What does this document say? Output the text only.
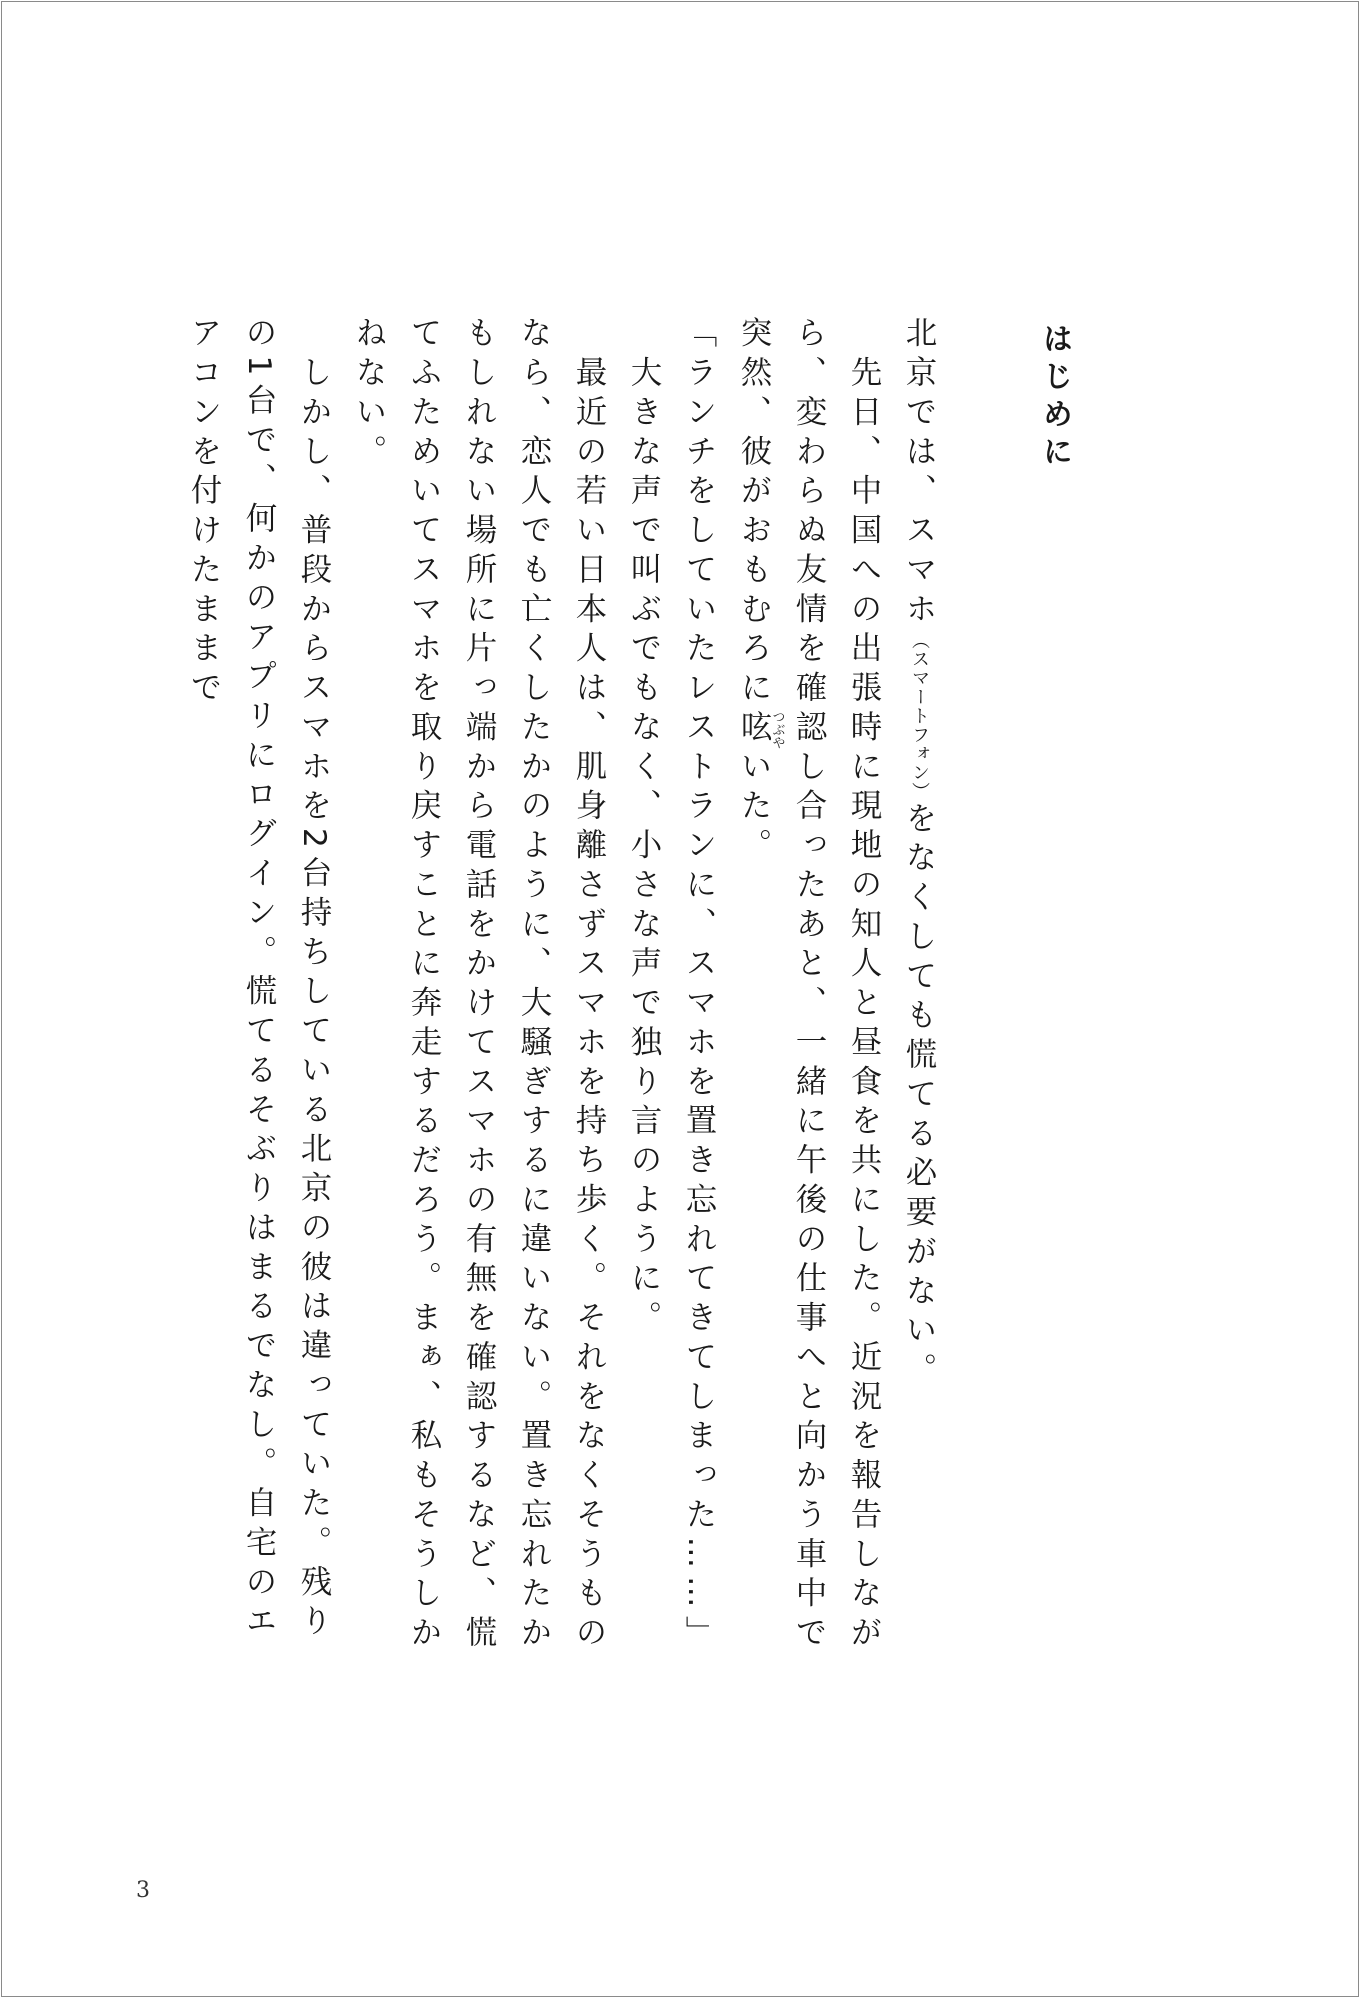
はじめに

北京では、スマホ（スマートフォン）をなくしても慌てる必要がない。

　先日、中国への出張時に現地の知人と昼食を共にした。近況を報告しながら、変わらぬ友情を確認し合ったあと、一緒に午後の仕事へと向かう車中で突然、彼がおもむろに呟つぶやいた。

「ランチをしていたレストランに、スマホを置き忘れてきてしまった……」

　大きな声で叫ぶでもなく、小さな声で独り言のように。

　最近の若い日本人は、肌身離さずスマホを持ち歩く。それをなくそうものなら、恋人でも亡くしたかのように、大騒ぎするに違いない。置き忘れたかもしれない場所に片っ端から電話をかけてスマホの有無を確認するなど、慌てふためいてスマホを取り戻すことに奔走するだろう。まぁ、私もそうしかねない。

　しかし、普段からスマホを2台持ちしている北京の彼は違っていた。残りの1台で、何かのアプリにログイン。慌てるそぶりはまるでなし。自宅のエアコンを付けたままで

3
